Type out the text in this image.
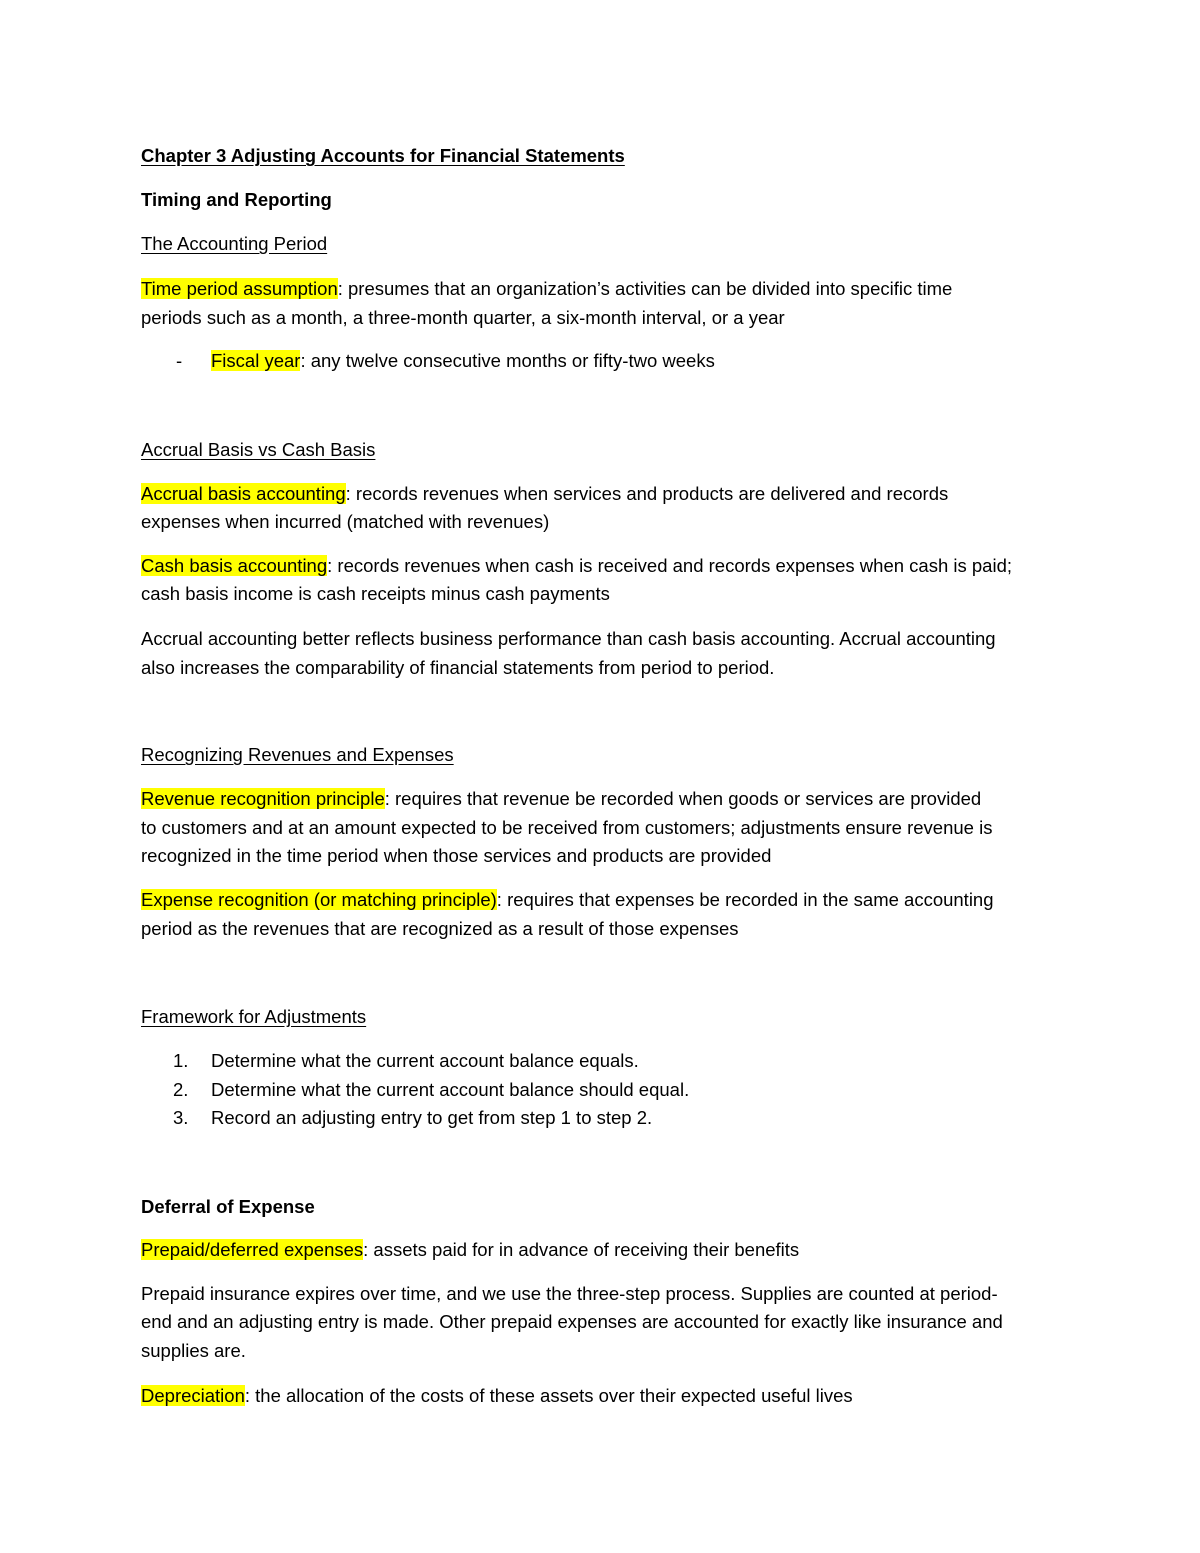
Chapter 3 Adjusting Accounts for Financial Statements
Timing and Reporting
The Accounting Period
Time period assumption: presumes that an organization’s activities can be divided into specific time
periods such as a month, a three-month quarter, a six-month interval, or a year
- Fiscal year: any twelve consecutive months or fifty-two weeks
Accrual Basis vs Cash Basis
Accrual basis accounting: records revenues when services and products are delivered and records
expenses when incurred (matched with revenues)
Cash basis accounting: records revenues when cash is received and records expenses when cash is paid;
cash basis income is cash receipts minus cash payments
Accrual accounting better reflects business performance than cash basis accounting. Accrual accounting
also increases the comparability of financial statements from period to period.
Recognizing Revenues and Expenses
Revenue recognition principle: requires that revenue be recorded when goods or services are provided
to customers and at an amount expected to be received from customers; adjustments ensure revenue is
recognized in the time period when those services and products are provided
Expense recognition (or matching principle): requires that expenses be recorded in the same accounting
period as the revenues that are recognized as a result of those expenses
Framework for Adjustments
1. Determine what the current account balance equals.
2. Determine what the current account balance should equal.
3. Record an adjusting entry to get from step 1 to step 2.
Deferral of Expense
Prepaid/deferred expenses: assets paid for in advance of receiving their benefits
Prepaid insurance expires over time, and we use the three-step process. Supplies are counted at period-
end and an adjusting entry is made. Other prepaid expenses are accounted for exactly like insurance and
supplies are.
Depreciation: the allocation of the costs of these assets over their expected useful lives
